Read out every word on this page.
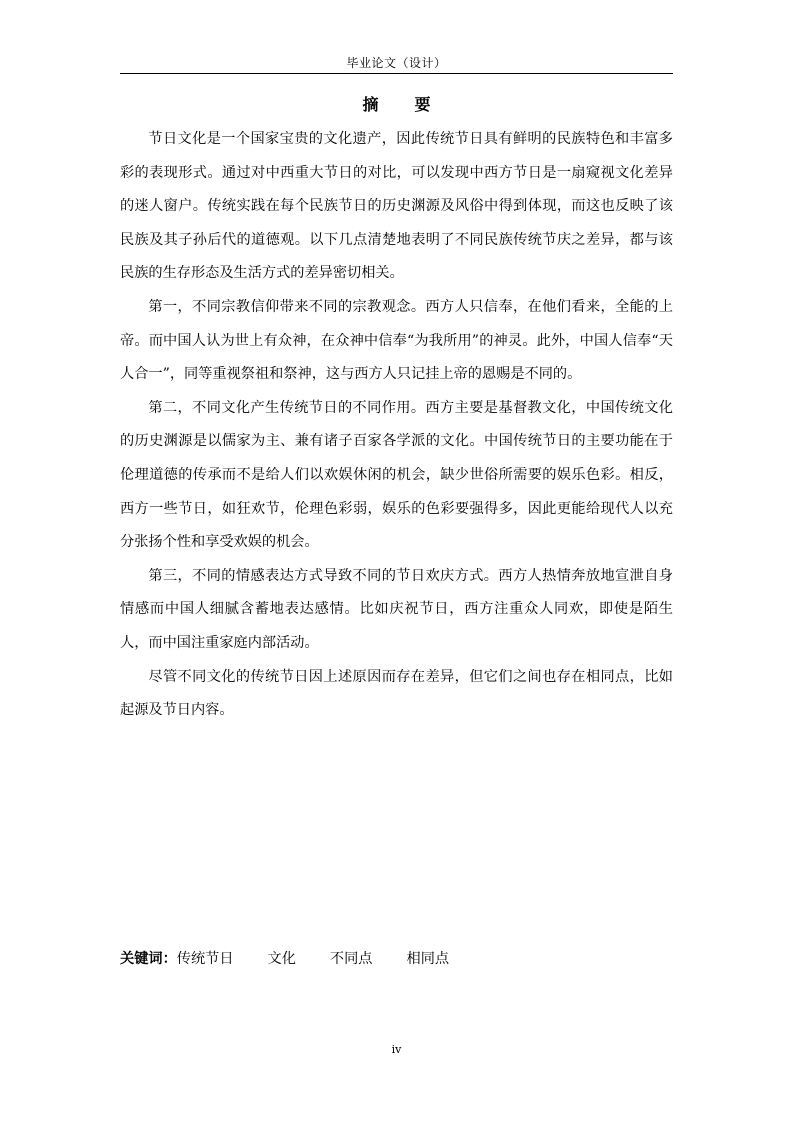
毕业论文（设计）
摘　要

节日文化是一个国家宝贵的文化遗产，因此传统节日具有鲜明的民族特色和丰富多彩的表现形式。通过对中西重大节日的对比，可以发现中西方节日是一扇窥视文化差异的迷人窗户。传统实践在每个民族节日的历史渊源及风俗中得到体现，而这也反映了该民族及其子孙后代的道德观。以下几点清楚地表明了不同民族传统节庆之差异，都与该民族的生存形态及生活方式的差异密切相关。

第一，不同宗教信仰带来不同的宗教观念。西方人只信奉，在他们看来，全能的上帝。而中国人认为世上有众神，在众神中信奉“为我所用”的神灵。此外，中国人信奉“天人合一”，同等重视祭祖和祭神，这与西方人只记挂上帝的恩赐是不同的。

第二，不同文化产生传统节日的不同作用。西方主要是基督教文化，中国传统文化的历史渊源是以儒家为主、兼有诸子百家各学派的文化。中国传统节日的主要功能在于伦理道德的传承而不是给人们以欢娱休闲的机会，缺少世俗所需要的娱乐色彩。相反，西方一些节日，如狂欢节，伦理色彩弱，娱乐的色彩要强得多，因此更能给现代人以充分张扬个性和享受欢娱的机会。

第三，不同的情感表达方式导致不同的节日欢庆方式。西方人热情奔放地宣泄自身情感而中国人细腻含蓄地表达感情。比如庆祝节日，西方注重众人同欢，即使是陌生人，而中国注重家庭内部活动。

尽管不同文化的传统节日因上述原因而存在差异，但它们之间也存在相同点，比如起源及节日内容。

关键词：传统节日 文化 不同点 相同点
iv
